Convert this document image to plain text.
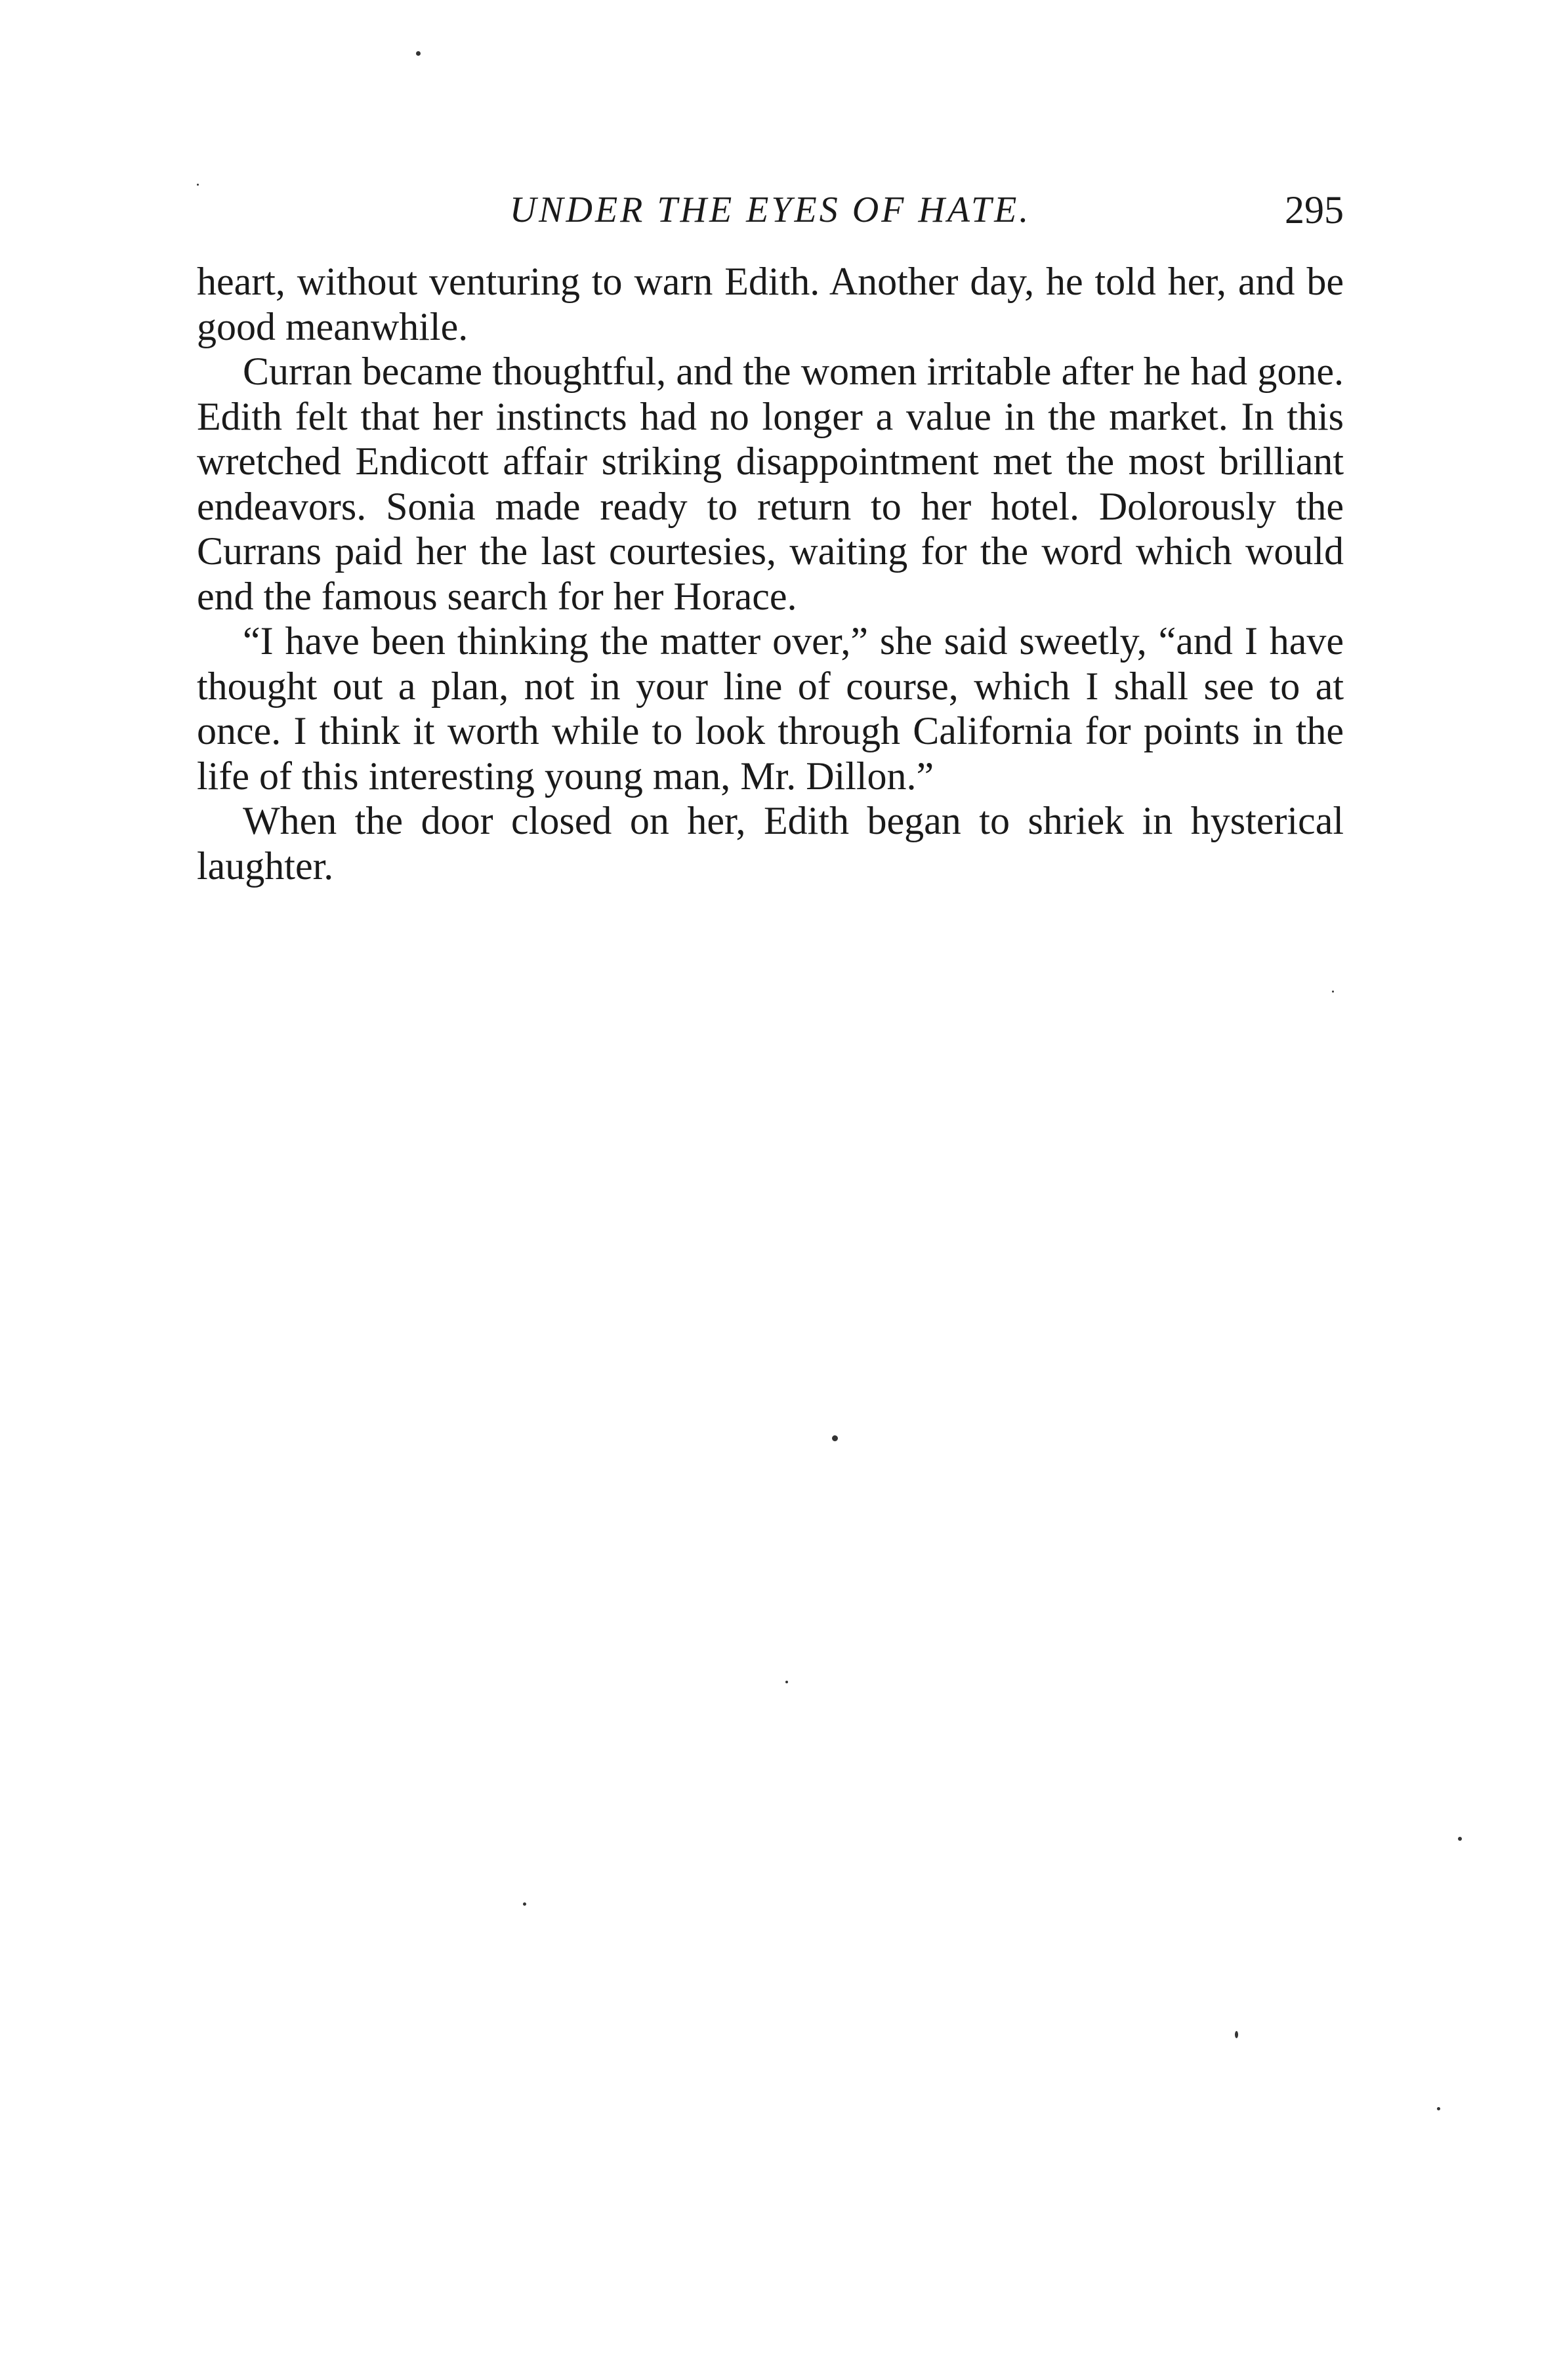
UNDER THE EYES OF HATE.	295

heart, without venturing to warn Edith. Another day, he told her, and be good meanwhile.

Curran became thoughtful, and the women irritable after he had gone. Edith felt that her instincts had no longer a value in the market. In this wretched Endicott affair striking disappointment met the most brilliant endeavors. Sonia made ready to return to her hotel. Dolorously the Currans paid her the last courtesies, waiting for the word which would end the famous search for her Horace.

“I have been thinking the matter over,” she said sweetly, “and I have thought out a plan, not in your line of course, which I shall see to at once. I think it worth while to look through California for points in the life of this interesting young man, Mr. Dillon.”

When the door closed on her, Edith began to shriek in hysterical laughter.
